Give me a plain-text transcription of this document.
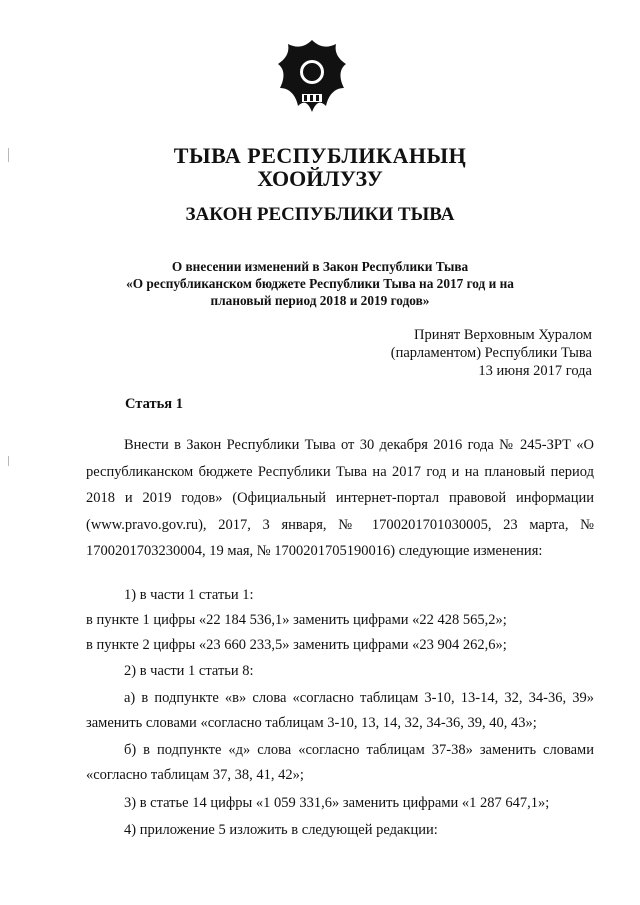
ТЫВА РЕСПУБЛИКАНЫҢ
ХООЙЛУЗУ
ЗАКОН РЕСПУБЛИКИ ТЫВА
О внесении изменений в Закон Республики Тыва
«О республиканском бюджете Республики Тыва на 2017 год и на
плановый период 2018 и 2019 годов»
Принят Верховным Хуралом
(парламентом) Республики Тыва
13 июня 2017 года
Статья 1
Внести в Закон Республики Тыва от 30 декабря 2016 года № 245-ЗРТ «О республиканском бюджете Республики Тыва на 2017 год и на плановый период 2018 и 2019 годов» (Официальный интернет-портал правовой информации (www.pravo.gov.ru), 2017, 3 января, № 1700201701030005, 23 марта, № 1700201703230004, 19 мая, № 1700201705190016) следующие изменения:
1) в части 1 статьи 1:
в пункте 1 цифры «22 184 536,1» заменить цифрами «22 428 565,2»;
в пункте 2 цифры «23 660 233,5» заменить цифрами «23 904 262,6»;
2) в части 1 статьи 8:
а) в подпункте «в» слова «согласно таблицам 3-10, 13-14, 32, 34-36, 39»
заменить словами «согласно таблицам 3-10, 13, 14, 32, 34-36, 39, 40, 43»;
б) в подпункте «д» слова «согласно таблицам 37-38» заменить словами
«согласно таблицам 37, 38, 41, 42»;
3) в статье 14 цифры «1 059 331,6» заменить цифрами «1 287 647,1»;
4) приложение 5 изложить в следующей редакции:
